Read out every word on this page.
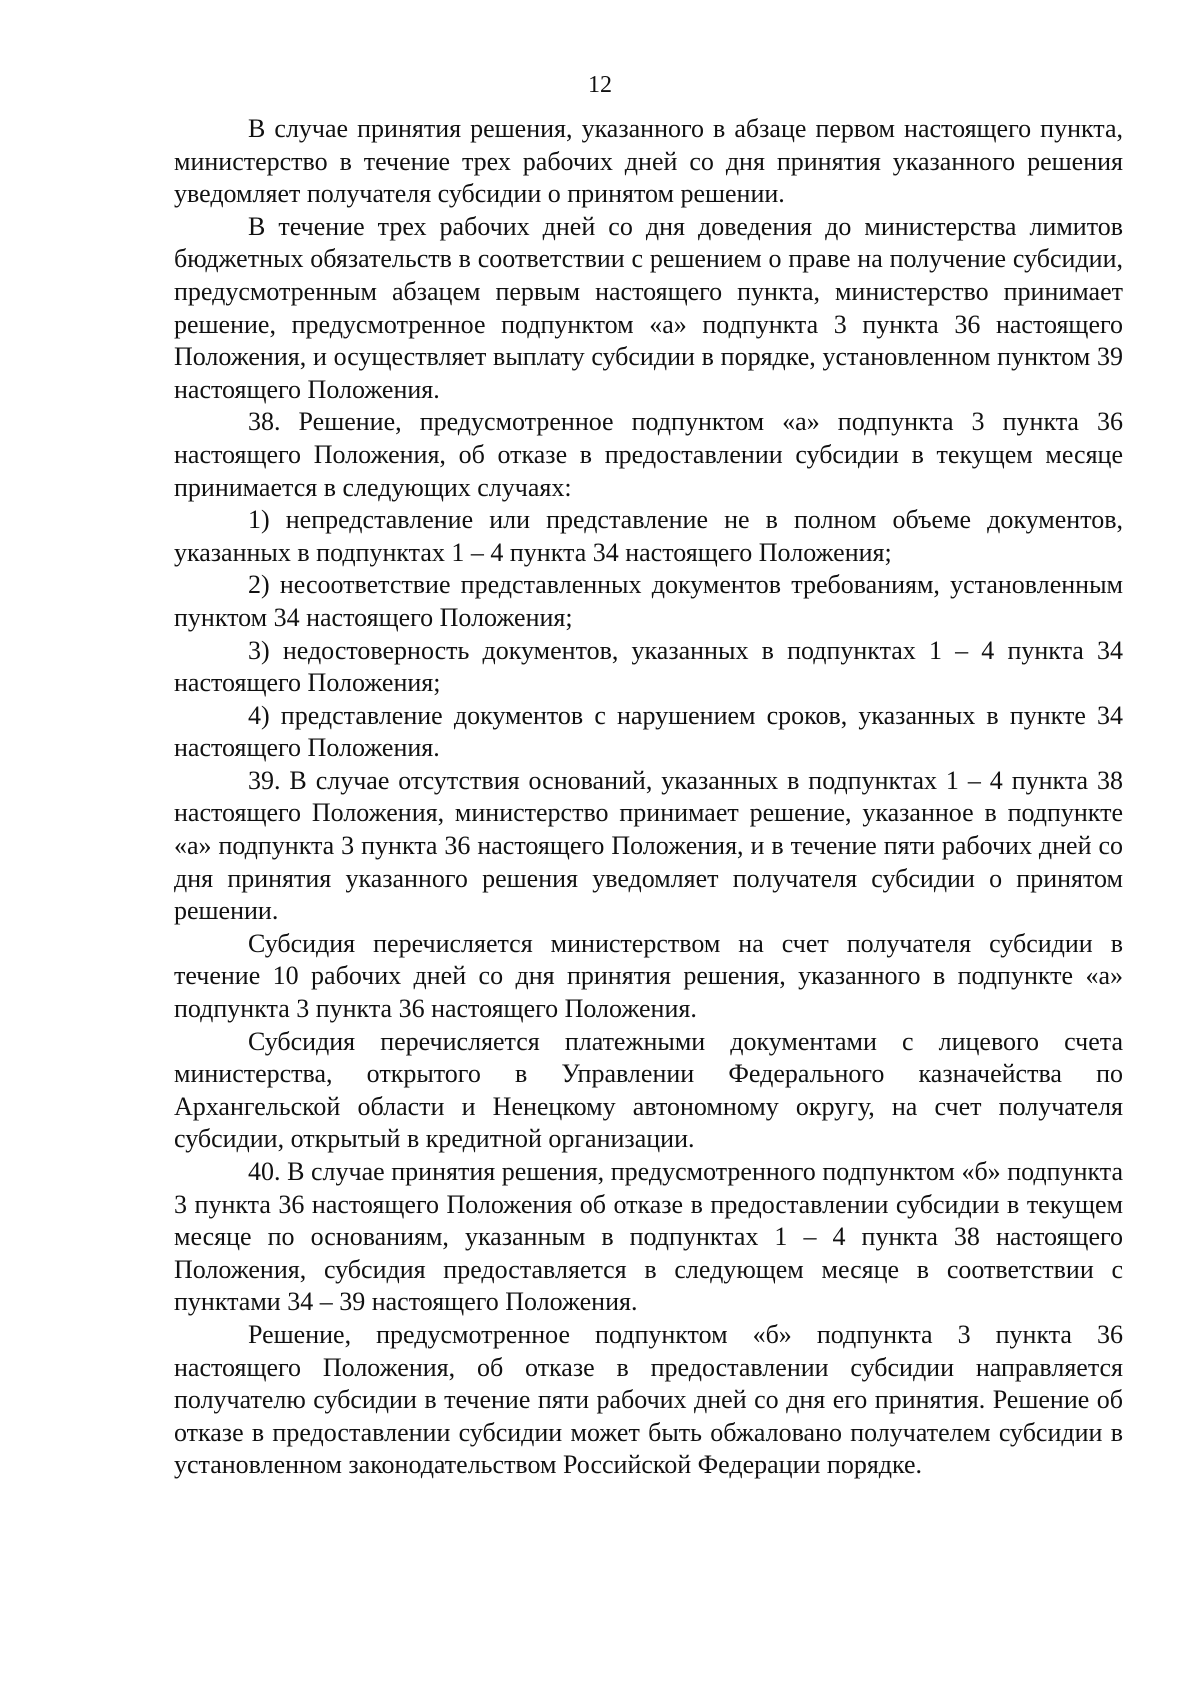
12

В случае принятия решения, указанного в абзаце первом настоящего пункта, министерство в течение трех рабочих дней со дня принятия указанного решения уведомляет получателя субсидии о принятом решении.

В течение трех рабочих дней со дня доведения до министерства лимитов бюджетных обязательств в соответствии с решением о праве на получение субсидии, предусмотренным абзацем первым настоящего пункта, министерство принимает решение, предусмотренное подпунктом «а» подпункта 3 пункта 36 настоящего Положения, и осуществляет выплату субсидии в порядке, установленном пунктом 39 настоящего Положения.

38. Решение, предусмотренное подпунктом «а» подпункта 3 пункта 36 настоящего Положения, об отказе в предоставлении субсидии в текущем месяце принимается в следующих случаях:

1) непредставление или представление не в полном объеме документов, указанных в подпунктах 1 – 4 пункта 34 настоящего Положения;

2) несоответствие представленных документов требованиям, установленным пунктом 34 настоящего Положения;

3) недостоверность документов, указанных в подпунктах 1 – 4 пункта 34 настоящего Положения;

4) представление документов с нарушением сроков, указанных в пункте 34 настоящего Положения.

39. В случае отсутствия оснований, указанных в подпунктах 1 – 4 пункта 38 настоящего Положения, министерство принимает решение, указанное в подпункте «а» подпункта 3 пункта 36 настоящего Положения, и в течение пяти рабочих дней со дня принятия указанного решения уведомляет получателя субсидии о принятом решении.

Субсидия перечисляется министерством на счет получателя субсидии в течение 10 рабочих дней со дня принятия решения, указанного в подпункте «а» подпункта 3 пункта 36 настоящего Положения.

Субсидия перечисляется платежными документами с лицевого счета министерства, открытого в Управлении Федерального казначейства по Архангельской области и Ненецкому автономному округу, на счет получателя субсидии, открытый в кредитной организации.

40. В случае принятия решения, предусмотренного подпунктом «б» подпункта 3 пункта 36 настоящего Положения об отказе в предоставлении субсидии в текущем месяце по основаниям, указанным в подпунктах 1 – 4 пункта 38 настоящего Положения, субсидия предоставляется в следующем месяце в соответствии с пунктами 34 – 39 настоящего Положения.

Решение, предусмотренное подпунктом «б» подпункта 3 пункта 36 настоящего Положения, об отказе в предоставлении субсидии направляется получателю субсидии в течение пяти рабочих дней со дня его принятия. Решение об отказе в предоставлении субсидии может быть обжаловано получателем субсидии в установленном законодательством Российской Федерации порядке.
